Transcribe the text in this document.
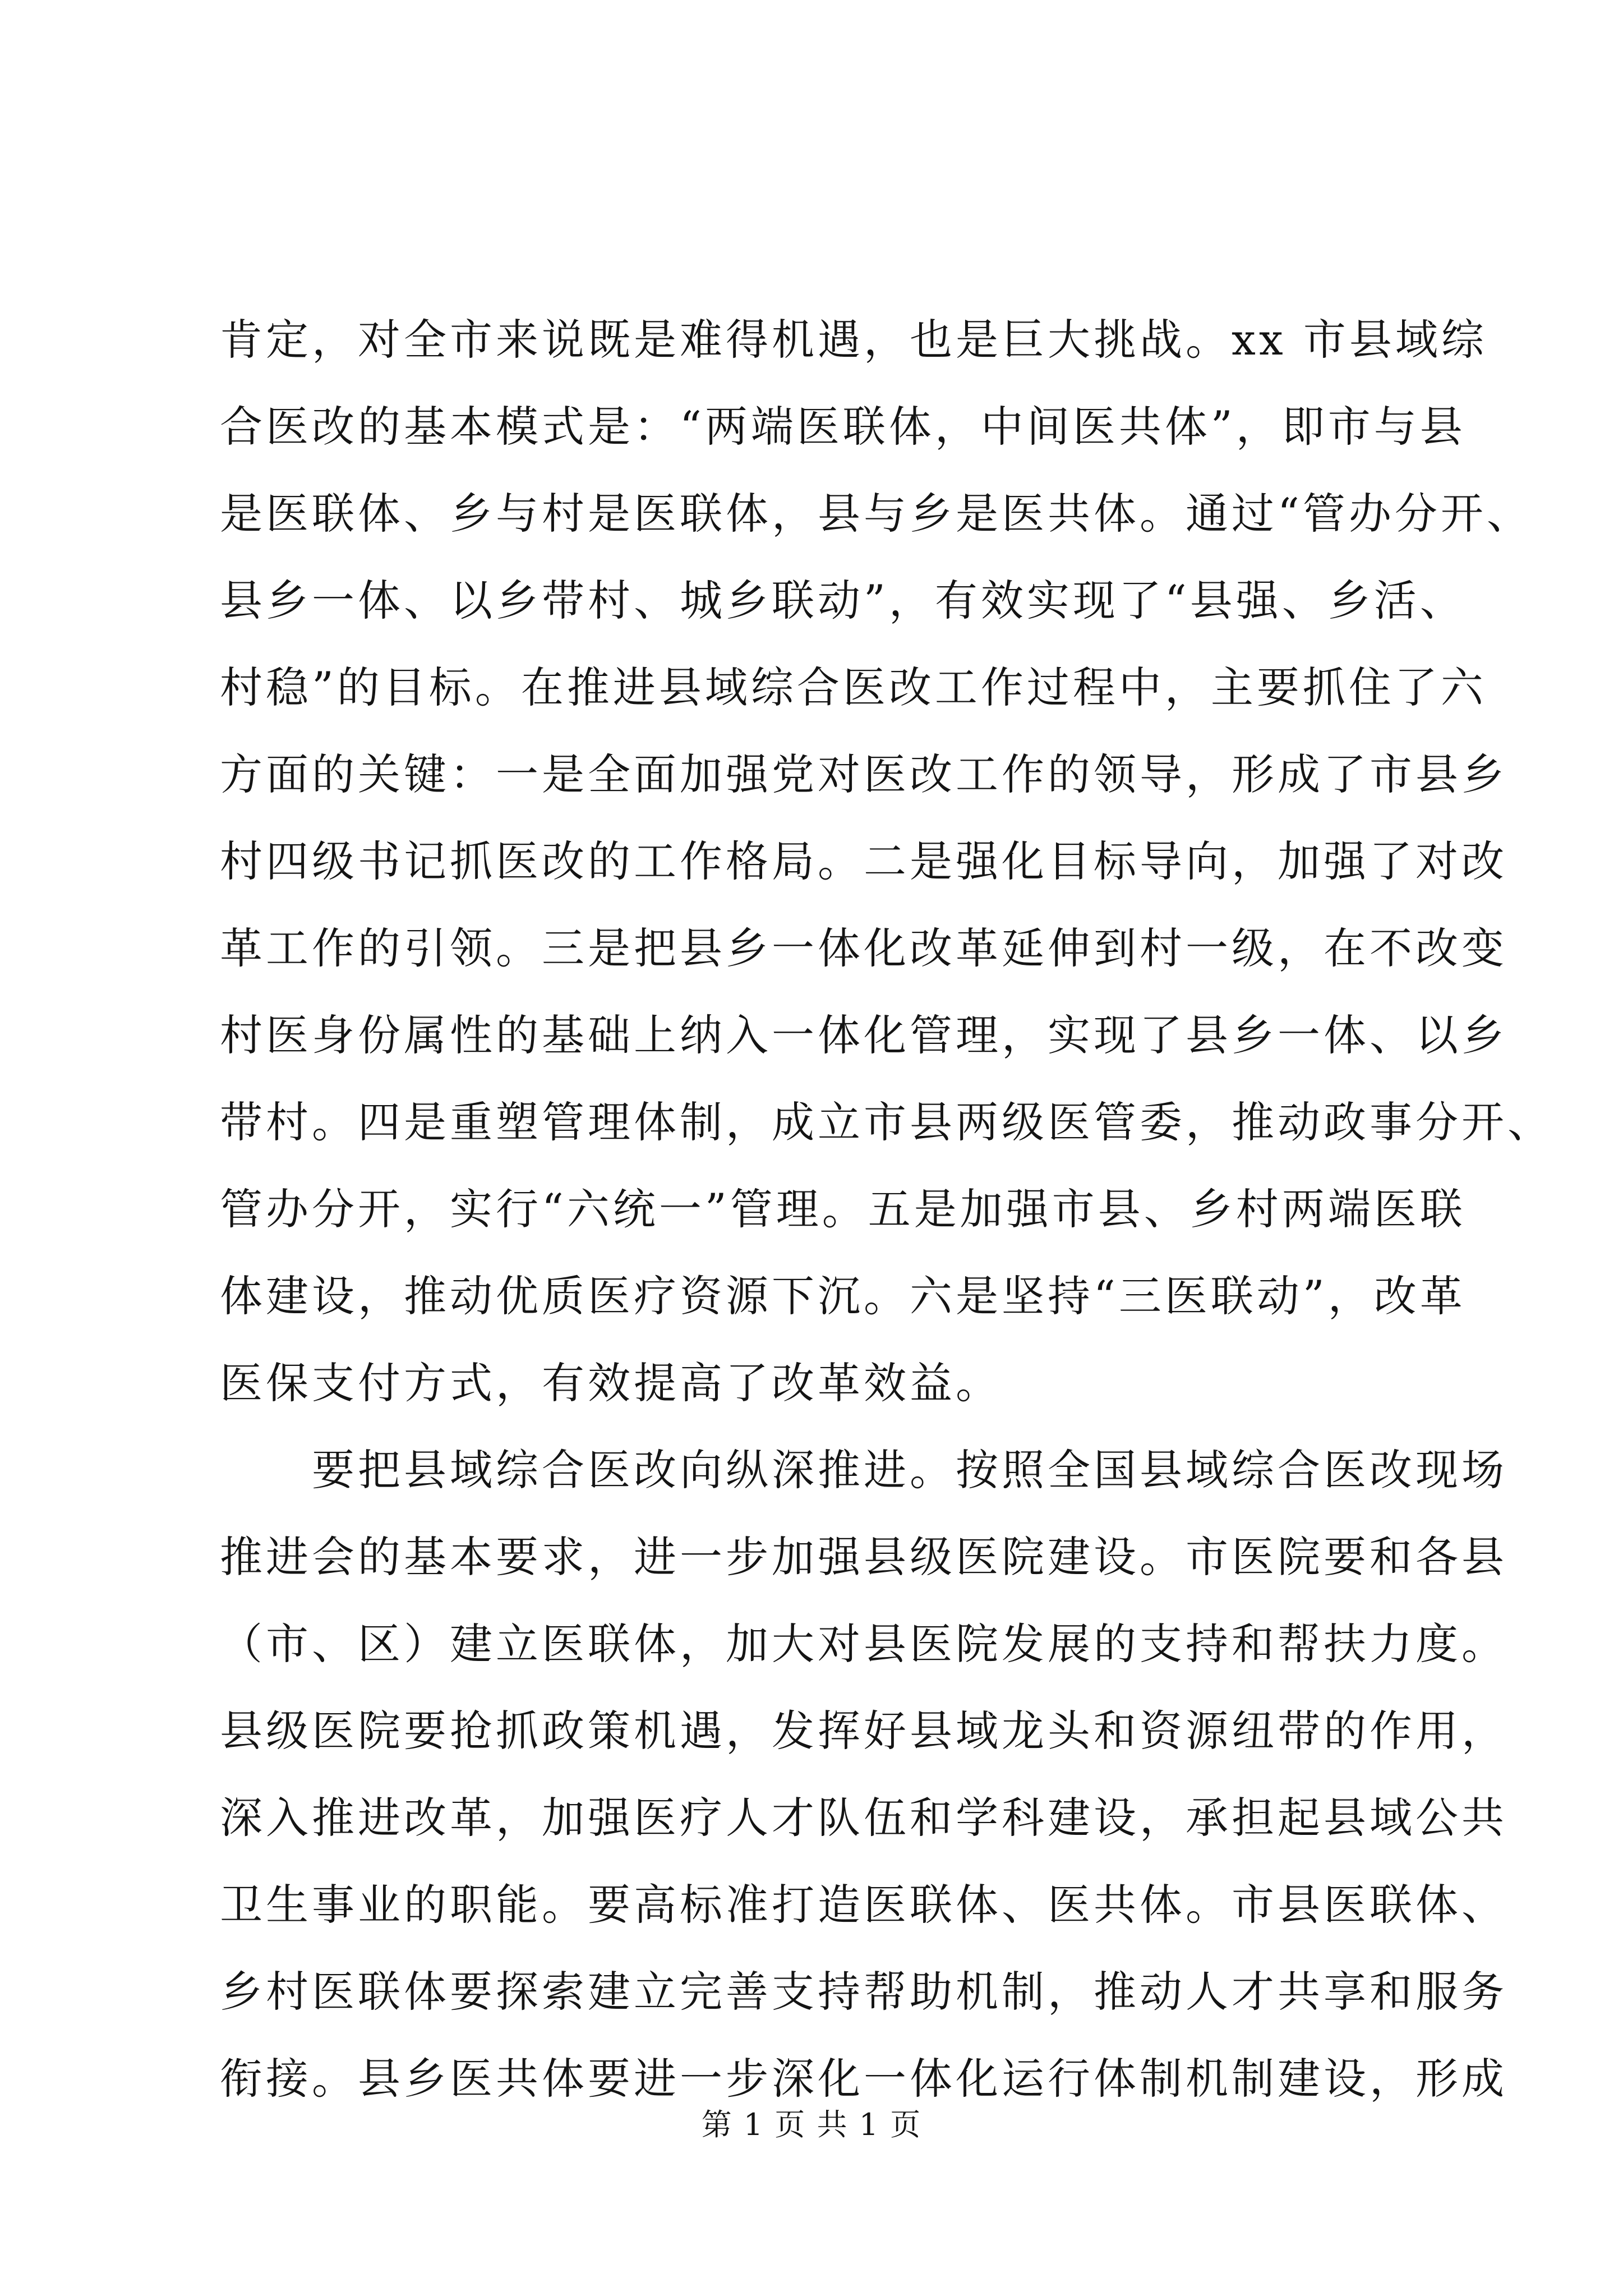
肯定，对全市来说既是难得机遇，也是巨大挑战。xx 市县域综
合医改的基本模式是：“两端医联体，中间医共体”，即市与县
是医联体、乡与村是医联体，县与乡是医共体。通过“管办分开、
县乡一体、以乡带村、城乡联动”，有效实现了“县强、乡活、
村稳”的目标。在推进县域综合医改工作过程中，主要抓住了六
方面的关键：一是全面加强党对医改工作的领导，形成了市县乡
村四级书记抓医改的工作格局。二是强化目标导向，加强了对改
革工作的引领。三是把县乡一体化改革延伸到村一级，在不改变
村医身份属性的基础上纳入一体化管理，实现了县乡一体、以乡
带村。四是重塑管理体制，成立市县两级医管委，推动政事分开、
管办分开，实行“六统一”管理。五是加强市县、乡村两端医联
体建设，推动优质医疗资源下沉。六是坚持“三医联动”，改革
医保支付方式，有效提高了改革效益。
要把县域综合医改向纵深推进。按照全国县域综合医改现场
推进会的基本要求，进一步加强县级医院建设。市医院要和各县
（市、区）建立医联体，加大对县医院发展的支持和帮扶力度。
县级医院要抢抓政策机遇，发挥好县域龙头和资源纽带的作用，
深入推进改革，加强医疗人才队伍和学科建设，承担起县域公共
卫生事业的职能。要高标准打造医联体、医共体。市县医联体、
乡村医联体要探索建立完善支持帮助机制，推动人才共享和服务
衔接。县乡医共体要进一步深化一体化运行体制机制建设，形成
第 1 页 共 1 页
